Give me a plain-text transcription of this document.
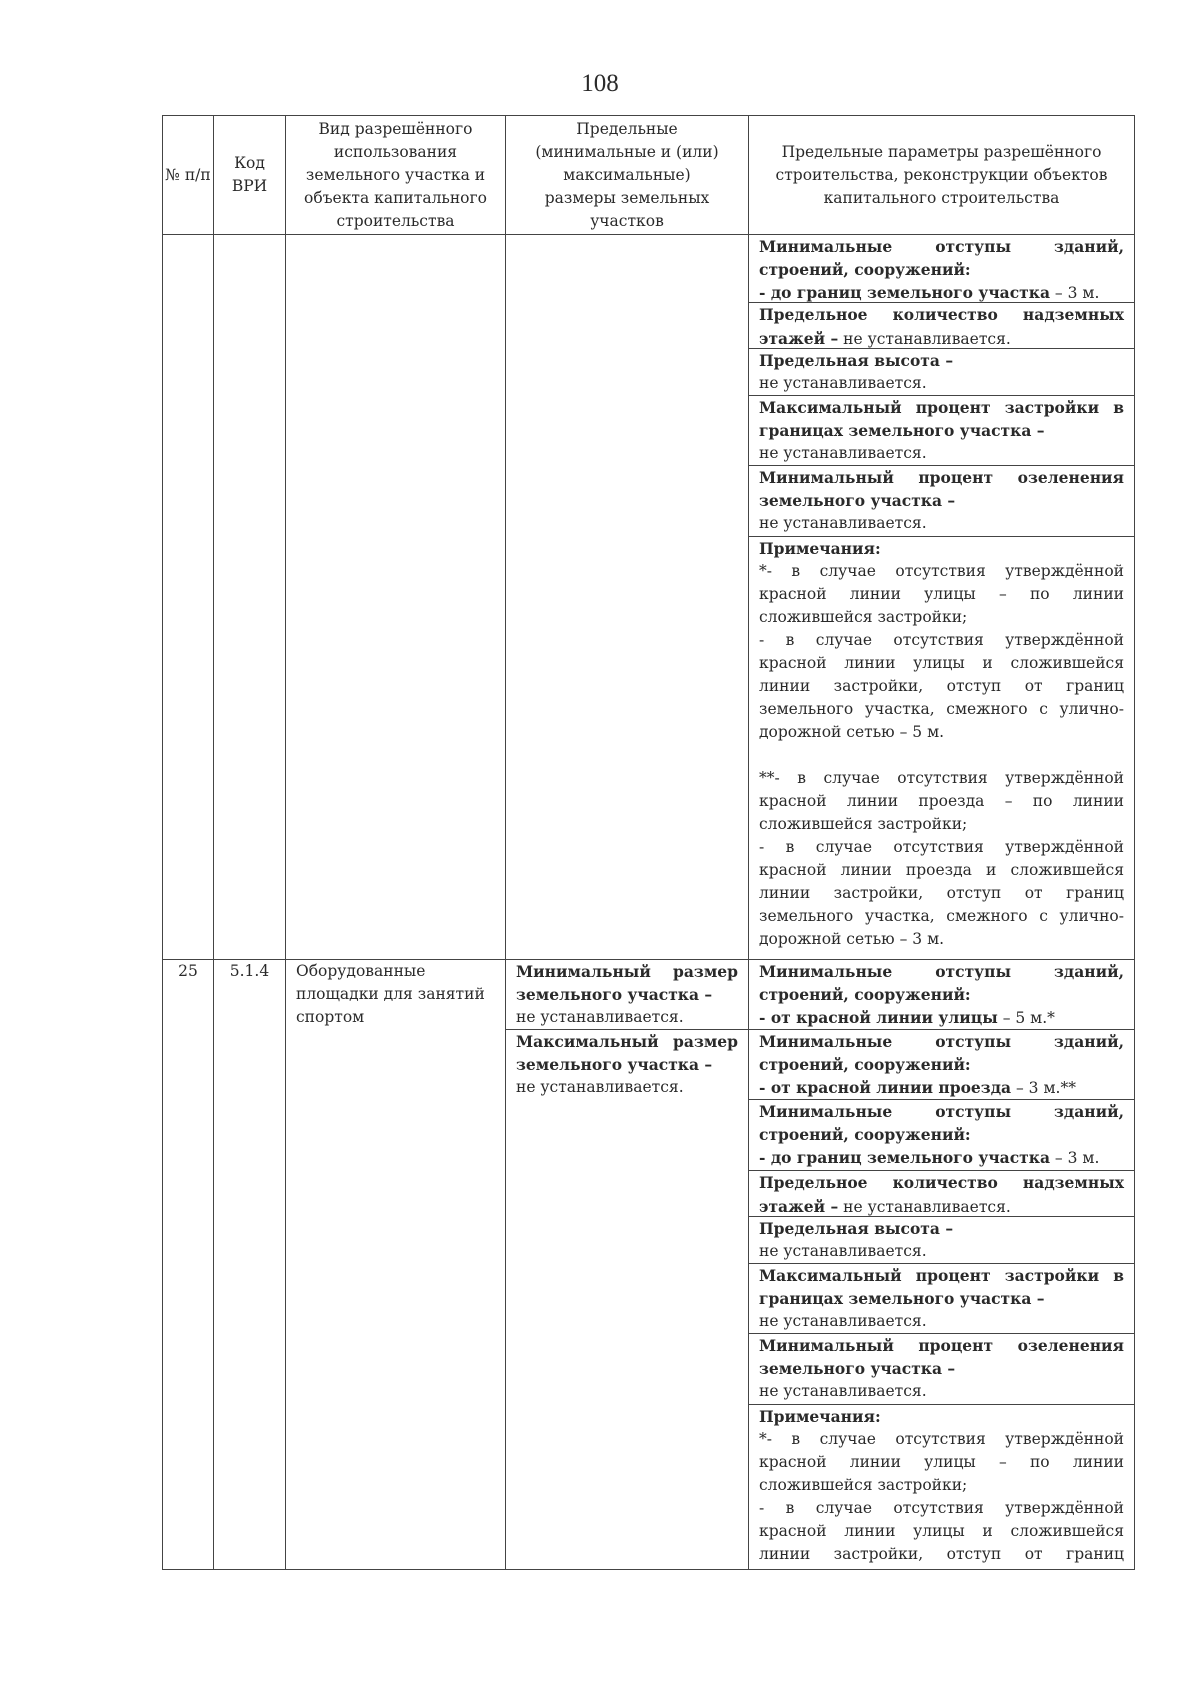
108
№ п/п
Код ВРИ
Вид разрешённого использования земельного участка и объекта капитального строительства
Предельные (минимальные и (или) максимальные) размеры земельных участков
Предельные параметры разрешённого строительства, реконструкции объектов капитального строительства

Минимальные отступы зданий, строений, сооружений:

- до границ земельного участка – 3 м.

Предельное количество надземных этажей – не устанавливается.

Предельная высота –

не устанавливается.

Максимальный процент застройки в границах земельного участка –

не устанавливается.

Минимальный процент озеленения земельного участка –

не устанавливается.

Примечания:

*- в случае отсутствия утверждённой красной линии улицы – по линии сложившейся застройки;

- в случае отсутствия утверждённой красной линии улицы и сложившейся линии застройки, отступ от границ земельного участка, смежного с улично-дорожной сетью – 5 м.

**- в случае отсутствия утверждённой красной линии проезда – по линии сложившейся застройки;

- в случае отсутствия утверждённой красной линии проезда и сложившейся линии застройки, отступ от границ земельного участка, смежного с улично-дорожной сетью – 3 м.

25	5.1.4	Оборудованные площадки для занятий спортом

Минимальный размер земельного участка –

не устанавливается.

Максимальный размер земельного участка –

не устанавливается.

Минимальные отступы зданий, строений, сооружений:

- от красной линии улицы – 5 м.*

Минимальные отступы зданий, строений, сооружений:

- от красной линии проезда – 3 м.**

Минимальные отступы зданий, строений, сооружений:

- до границ земельного участка – 3 м.

Предельное количество надземных этажей – не устанавливается.

Предельная высота –

не устанавливается.

Максимальный процент застройки в границах земельного участка –

не устанавливается.

Минимальный процент озеленения земельного участка –

не устанавливается.

Примечания:

*- в случае отсутствия утверждённой красной линии улицы – по линии сложившейся застройки;

- в случае отсутствия утверждённой красной линии улицы и сложившейся линии застройки, отступ от границ
